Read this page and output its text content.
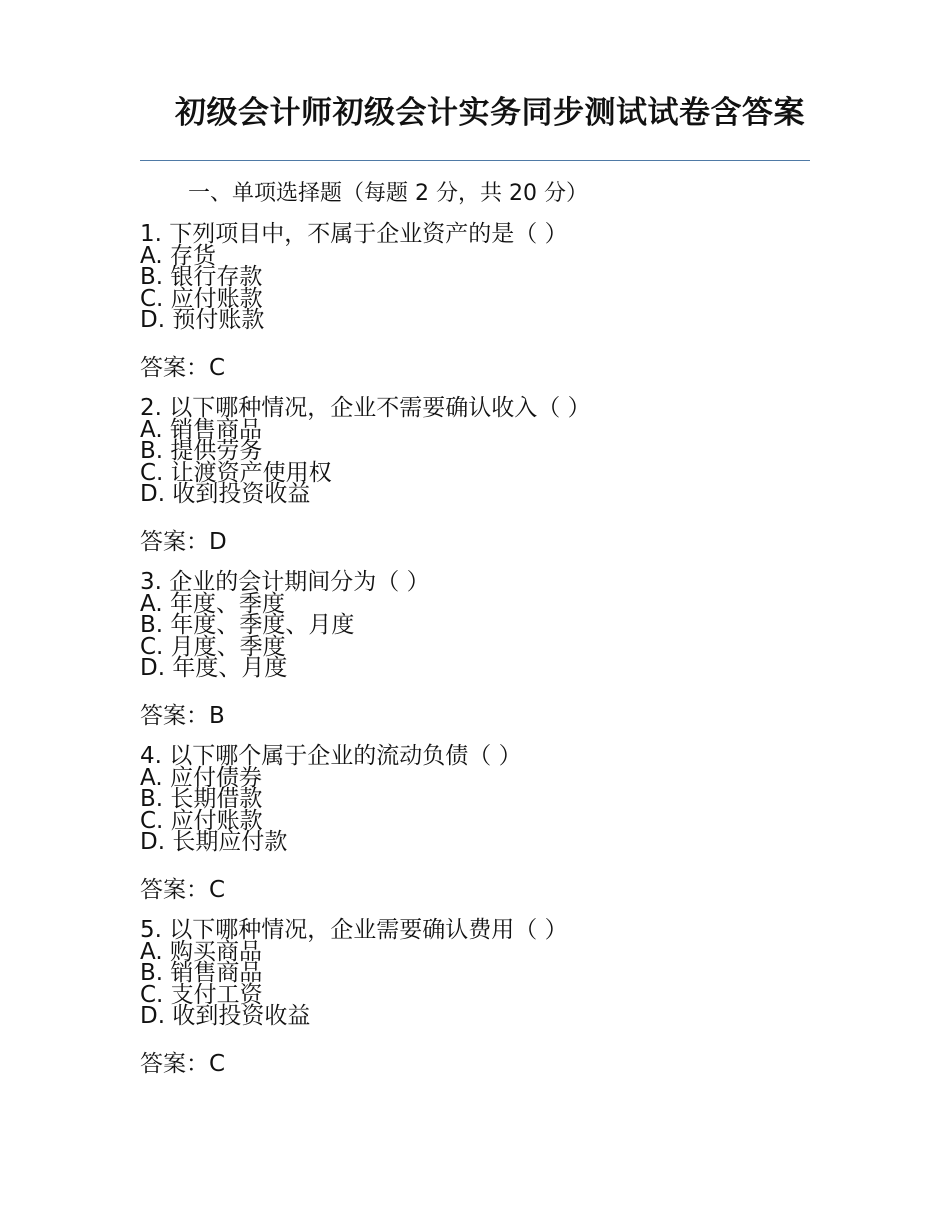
初级会计师初级会计实务同步测试试卷含答案
一、单项选择题（每题 2 分，共 20 分）
1. 下列项目中，不属于企业资产的是（ ）
A. 存货
B. 银行存款
C. 应付账款
D. 预付账款
答案：C
2. 以下哪种情况，企业不需要确认收入（ ）
A. 销售商品
B. 提供劳务
C. 让渡资产使用权
D. 收到投资收益
答案：D
3. 企业的会计期间分为（ ）
A. 年度、季度
B. 年度、季度、月度
C. 月度、季度
D. 年度、月度
答案：B
4. 以下哪个属于企业的流动负债（ ）
A. 应付债券
B. 长期借款
C. 应付账款
D. 长期应付款
答案：C
5. 以下哪种情况，企业需要确认费用（ ）
A. 购买商品
B. 销售商品
C. 支付工资
D. 收到投资收益
答案：C
